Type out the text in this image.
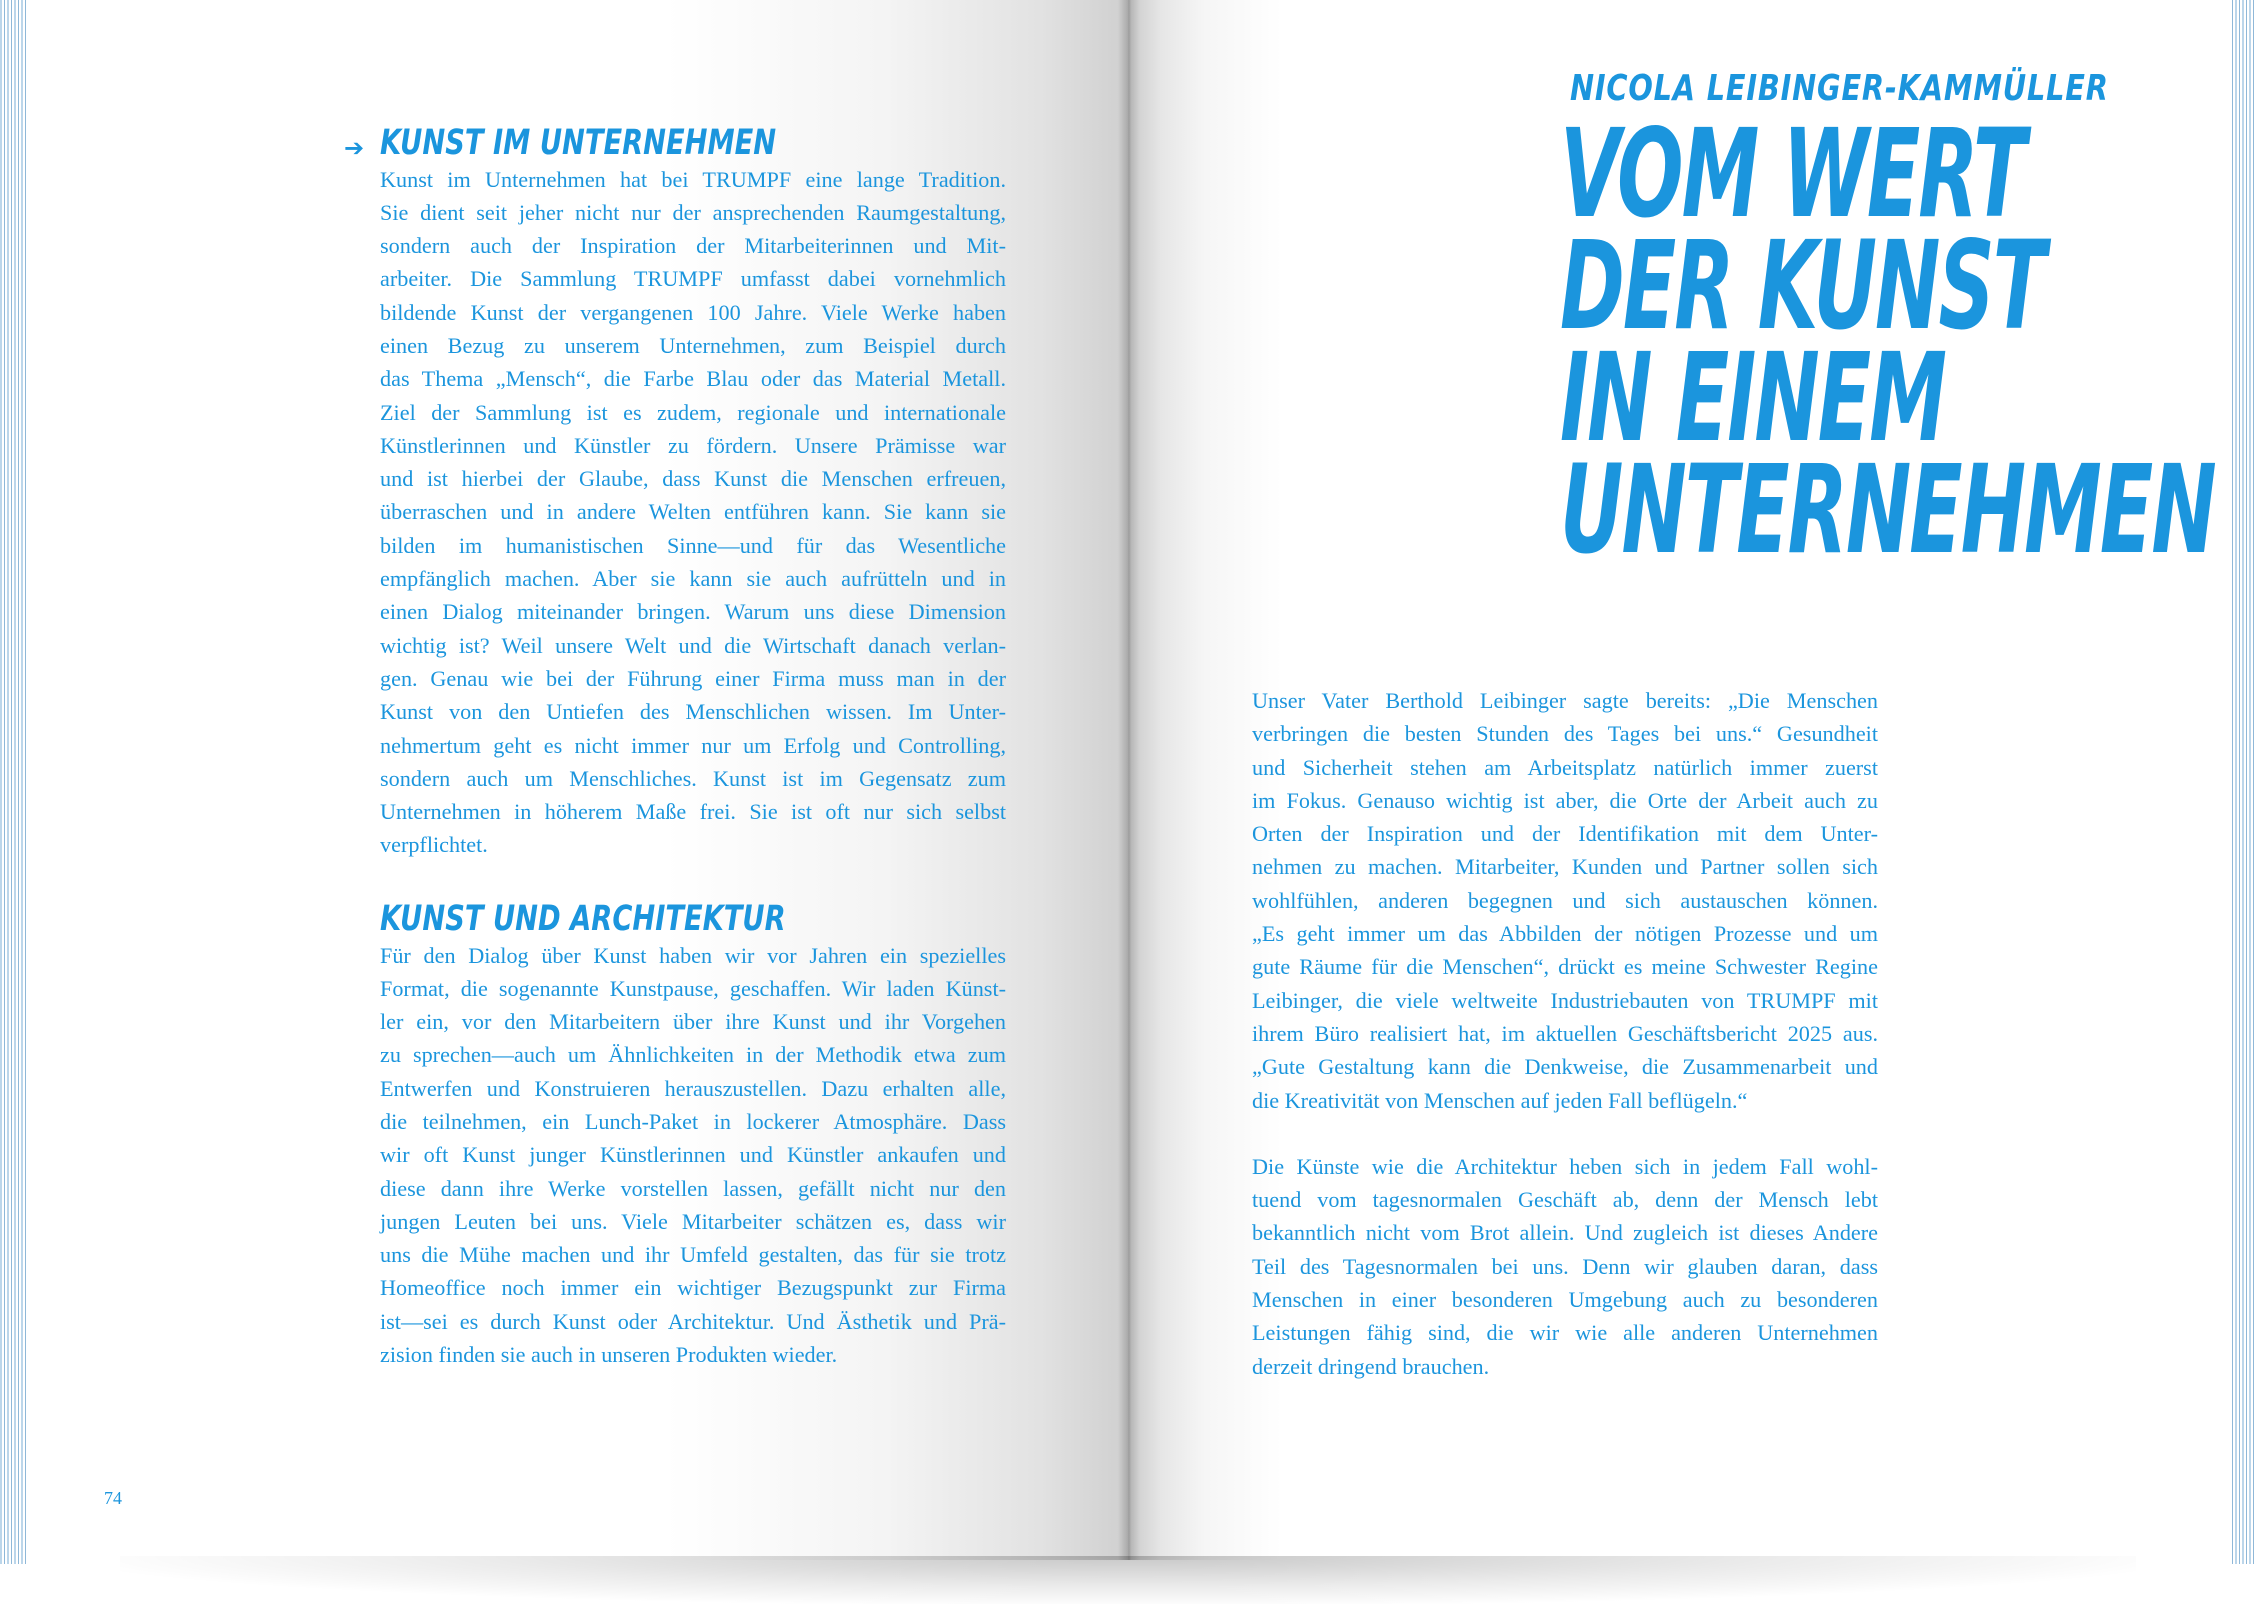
➔ KUNST IM UNTERNEHMEN
Kunst im Unternehmen hat bei TRUMPF eine lange Tradition.
Sie dient seit jeher nicht nur der ansprechenden Raumgestaltung,
sondern auch der Inspiration der Mitarbeiterinnen und Mit-
arbeiter. Die Sammlung TRUMPF umfasst dabei vornehmlich
bildende Kunst der vergangenen 100 Jahre. Viele Werke haben
einen Bezug zu unserem Unternehmen, zum Beispiel durch
das Thema „Mensch“, die Farbe Blau oder das Material Metall.
Ziel der Sammlung ist es zudem, regionale und internationale
Künstlerinnen und Künstler zu fördern. Unsere Prämisse war
und ist hierbei der Glaube, dass Kunst die Menschen erfreuen,
überraschen und in andere Welten entführen kann. Sie kann sie
bilden im humanistischen Sinne—und für das Wesentliche
empfänglich machen. Aber sie kann sie auch aufrütteln und in
einen Dialog miteinander bringen. Warum uns diese Dimension
wichtig ist? Weil unsere Welt und die Wirtschaft danach verlan-
gen. Genau wie bei der Führung einer Firma muss man in der
Kunst von den Untiefen des Menschlichen wissen. Im Unter-
nehmertum geht es nicht immer nur um Erfolg und Controlling,
sondern auch um Menschliches. Kunst ist im Gegensatz zum
Unternehmen in höherem Maße frei. Sie ist oft nur sich selbst
verpflichtet.
KUNST UND ARCHITEKTUR
Für den Dialog über Kunst haben wir vor Jahren ein spezielles
Format, die sogenannte Kunstpause, geschaffen. Wir laden Künst-
ler ein, vor den Mitarbeitern über ihre Kunst und ihr Vorgehen
zu sprechen—auch um Ähnlichkeiten in der Methodik etwa zum
Entwerfen und Konstruieren herauszustellen. Dazu erhalten alle,
die teilnehmen, ein Lunch-Paket in lockerer Atmosphäre. Dass
wir oft Kunst junger Künstlerinnen und Künstler ankaufen und
diese dann ihre Werke vorstellen lassen, gefällt nicht nur den
jungen Leuten bei uns. Viele Mitarbeiter schätzen es, dass wir
uns die Mühe machen und ihr Umfeld gestalten, das für sie trotz
Homeoffice noch immer ein wichtiger Bezugspunkt zur Firma
ist—sei es durch Kunst oder Architektur. Und Ästhetik und Prä-
zision finden sie auch in unseren Produkten wieder.
74
NICOLA LEIBINGER-KAMMÜLLER
VOM WERT
DER KUNST
IN EINEM
UNTERNEHMEN
Unser Vater Berthold Leibinger sagte bereits: „Die Menschen
verbringen die besten Stunden des Tages bei uns.“ Gesundheit
und Sicherheit stehen am Arbeitsplatz natürlich immer zuerst
im Fokus. Genauso wichtig ist aber, die Orte der Arbeit auch zu
Orten der Inspiration und der Identifikation mit dem Unter-
nehmen zu machen. Mitarbeiter, Kunden und Partner sollen sich
wohlfühlen, anderen begegnen und sich austauschen können.
„Es geht immer um das Abbilden der nötigen Prozesse und um
gute Räume für die Menschen“, drückt es meine Schwester Regine
Leibinger, die viele weltweite Industriebauten von TRUMPF mit
ihrem Büro realisiert hat, im aktuellen Geschäftsbericht 2025 aus.
„Gute Gestaltung kann die Denkweise, die Zusammenarbeit und
die Kreativität von Menschen auf jeden Fall beflügeln.“
Die Künste wie die Architektur heben sich in jedem Fall wohl-
tuend vom tagesnormalen Geschäft ab, denn der Mensch lebt
bekanntlich nicht vom Brot allein. Und zugleich ist dieses Andere
Teil des Tagesnormalen bei uns. Denn wir glauben daran, dass
Menschen in einer besonderen Umgebung auch zu besonderen
Leistungen fähig sind, die wir wie alle anderen Unternehmen
derzeit dringend brauchen.
